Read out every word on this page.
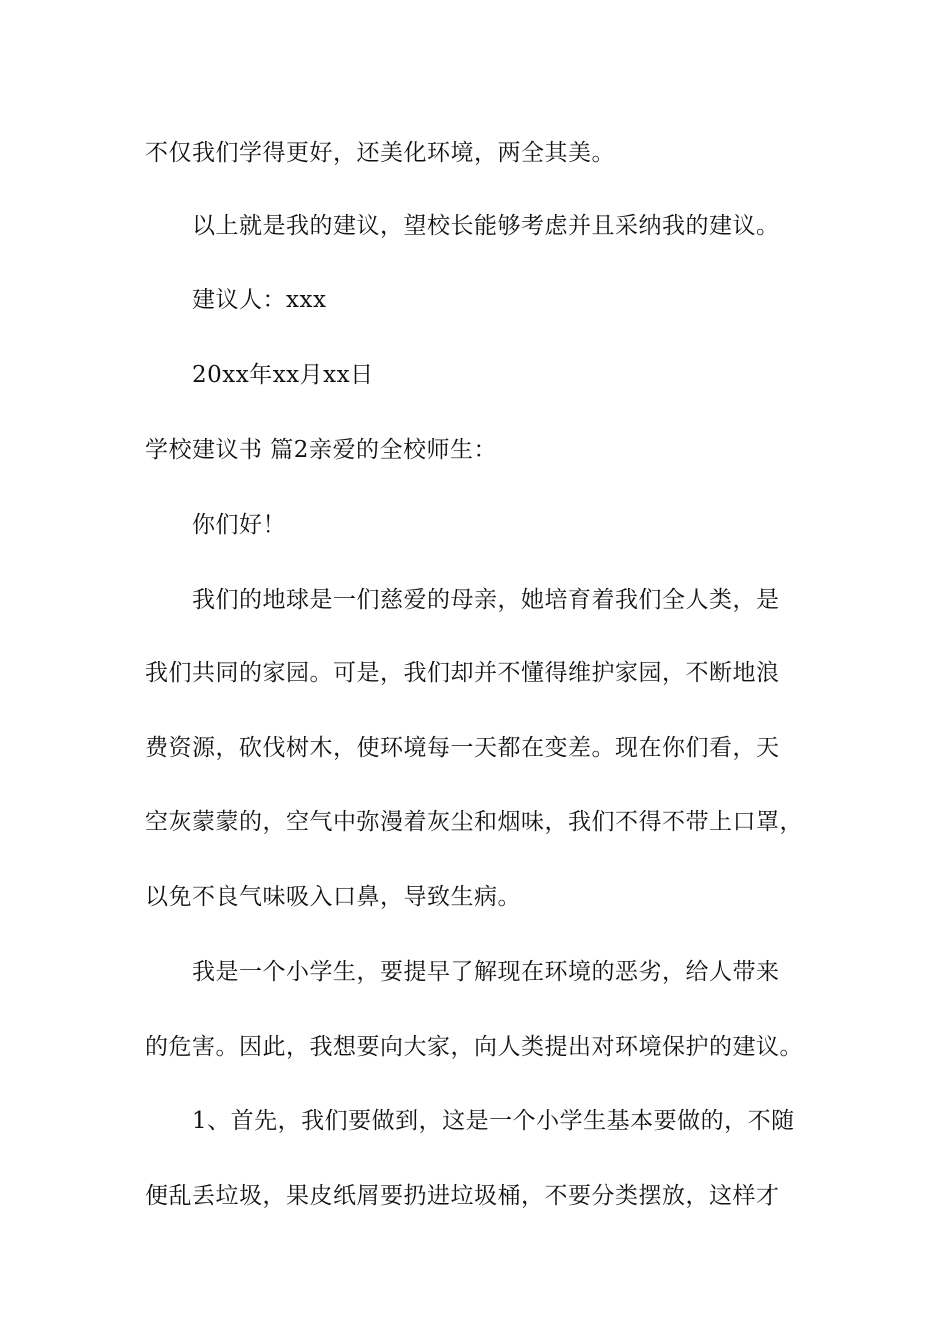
不仅我们学得更好，还美化环境，两全其美。
以上就是我的建议，望校长能够考虑并且采纳我的建议。
建议人：xxx
20xx年xx月xx日
学校建议书 篇2亲爱的全校师生：
你们好！
我们的地球是一们慈爱的母亲，她培育着我们全人类，是
我们共同的家园。可是，我们却并不懂得维护家园，不断地浪
费资源，砍伐树木，使环境每一天都在变差。现在你们看，天
空灰蒙蒙的，空气中弥漫着灰尘和烟味，我们不得不带上口罩，
以免不良气味吸入口鼻，导致生病。
我是一个小学生，要提早了解现在环境的恶劣，给人带来
的危害。因此，我想要向大家，向人类提出对环境保护的建议。
1、首先，我们要做到，这是一个小学生基本要做的，不随
便乱丢垃圾，果皮纸屑要扔进垃圾桶，不要分类摆放，这样才
